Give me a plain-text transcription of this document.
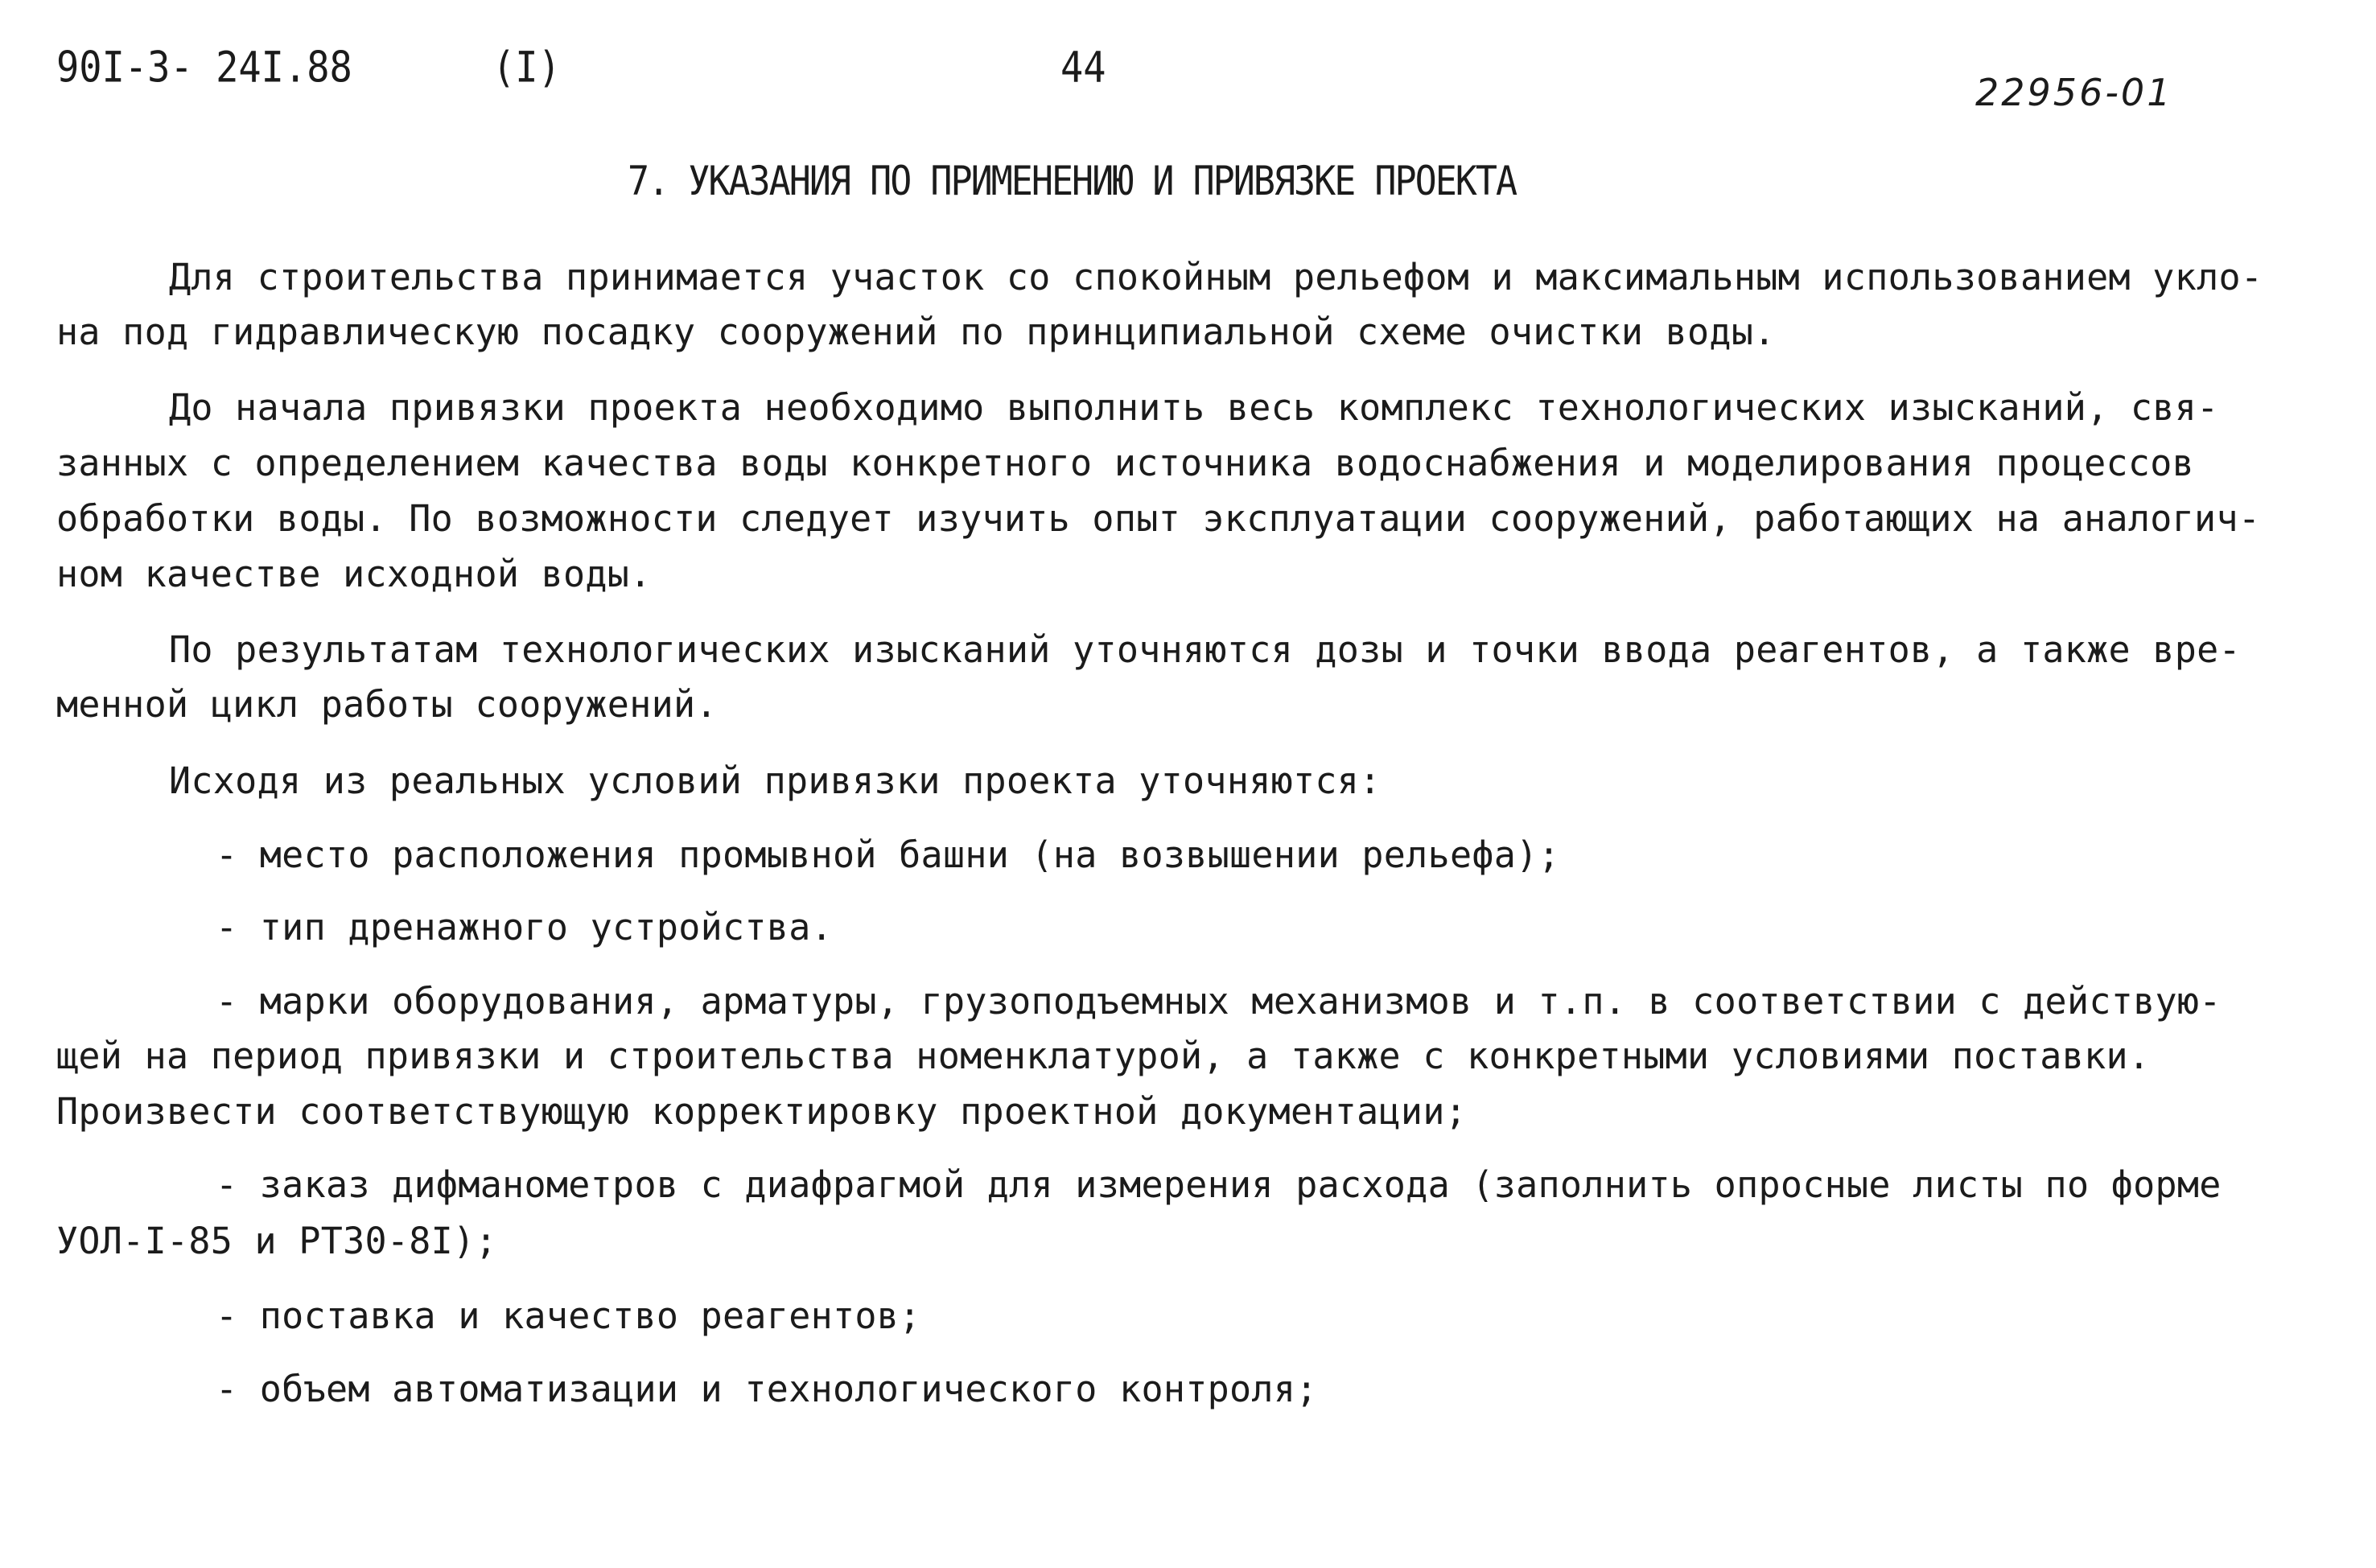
90I-3- 24I.88	(I)	44	22956-01
7. УКАЗАНИЯ ПО ПРИМЕНЕНИЮ И ПРИВЯЗКЕ ПРОЕКТА
Для строительства принимается участок со спокойным рельефом и максимальным использованием укло-
на под гидравлическую посадку сооружений по принципиальной схеме очистки воды.
До начала привязки проекта необходимо выполнить весь комплекс технологических изысканий, свя-
занных с определением качества воды конкретного источника водоснабжения и моделирования процессов
обработки воды. По возможности следует изучить опыт эксплуатации сооружений, работающих на аналогич-
ном качестве исходной воды.
По результатам технологических изысканий уточняются дозы и точки ввода реагентов, а также вре-
менной цикл работы сооружений.
Исходя из реальных условий привязки проекта уточняются:
- место расположения промывной башни (на возвышении рельефа);
- тип дренажного устройства.
- марки оборудования, арматуры, грузоподъемных механизмов и т.п. в соответствии с действую-
щей на период привязки и строительства номенклатурой, а также с конкретными условиями поставки.
Произвести соответствующую корректировку проектной документации;
- заказ дифманометров с диафрагмой для измерения расхода (заполнить опросные листы по форме
УОЛ-I-85 и РТ30-8I);
- поставка и качество реагентов;
- объем автоматизации и технологического контроля;
